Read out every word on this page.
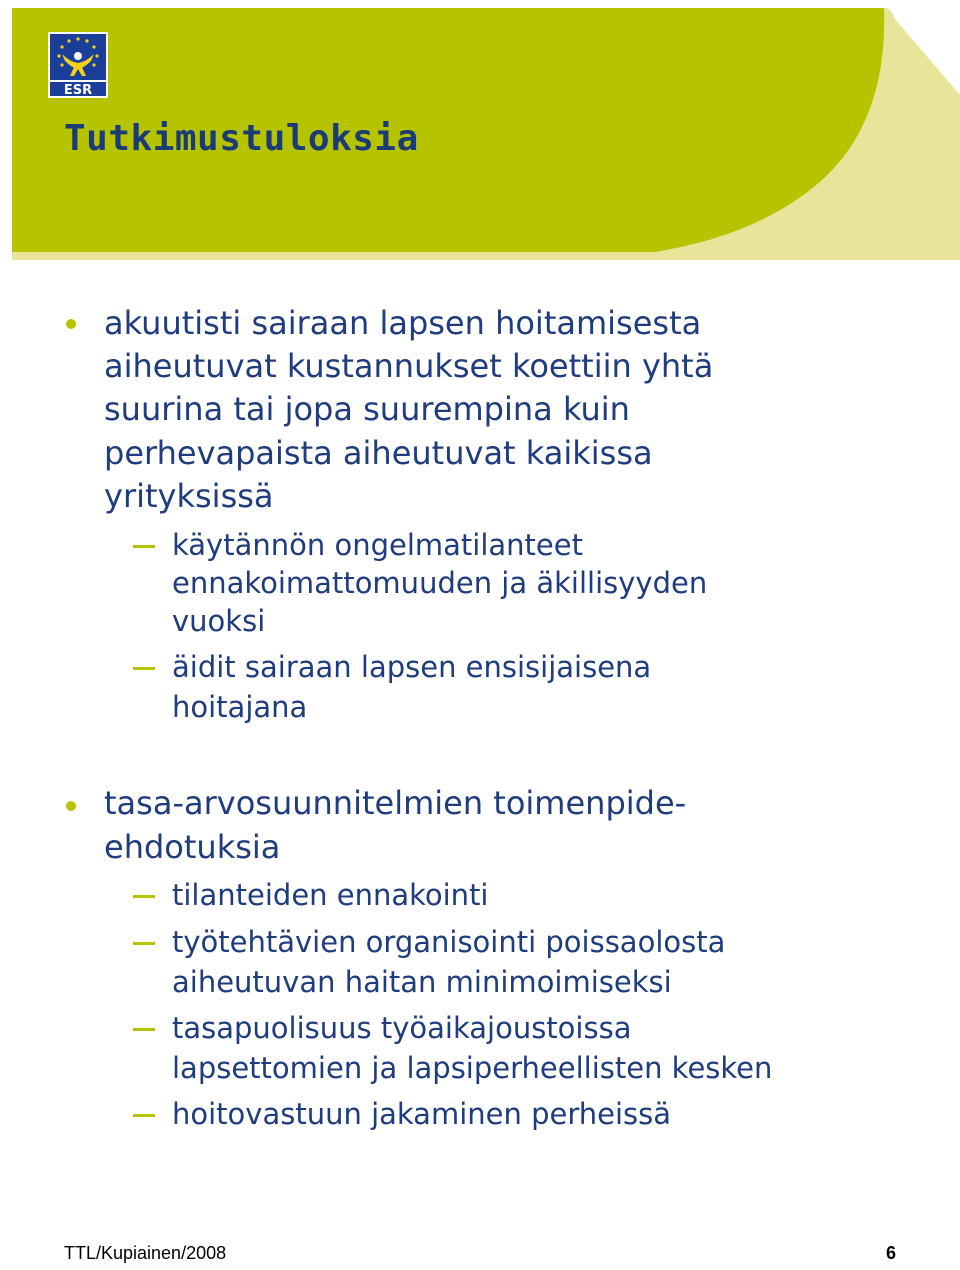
ESR
Tutkimustuloksia
akuutisti sairaan lapsen hoitamisesta
aiheutuvat kustannukset koettiin yhtä
suurina tai jopa suurempina kuin
perhevapaista aiheutuvat kaikissa
yrityksissä
käytännön ongelmatilanteet
ennakoimattomuuden ja äkillisyyden
vuoksi
äidit sairaan lapsen ensisijaisena
hoitajana
tasa-arvosuunnitelmien toimenpide-
ehdotuksia
tilanteiden ennakointi
työtehtävien organisointi poissaolosta
aiheutuvan haitan minimoimiseksi
tasapuolisuus työaikajoustoissa
lapsettomien ja lapsiperheellisten kesken
hoitovastuun jakaminen perheissä
TTL/Kupiainen/2008	6
